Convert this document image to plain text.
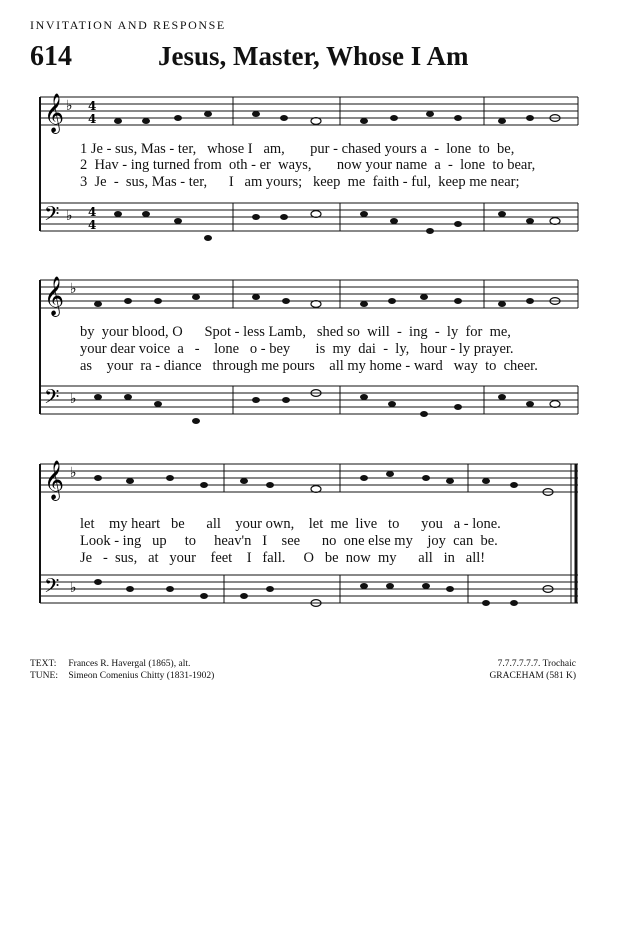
INVITATION AND RESPONSE
614	Jesus, Master, Whose I Am
𝄞 ♭ 4
4
𝄢 ♭ 4
4
1 Je - sus, Mas - ter,   whose I   am,       pur - chased yours a  -  lone  to  be,
2  Hav - ing turned from  oth - er  ways,       now your name  a  -  lone  to bear,
3  Je  -  sus, Mas - ter,      I   am yours;   keep  me  faith - ful,  keep me near;
𝄞 ♭
𝄢 ♭
by  your blood, O      Spot - less Lamb,   shed so  will  -  ing  -  ly  for  me,
your dear voice  a   -    lone   o - bey       is  my  dai  -  ly,   hour - ly prayer.
as    your  ra - diance   through me pours    all my home - ward   way  to  cheer.
𝄞 ♭
𝄢 ♭
let    my heart   be      all    your own,    let  me  live   to      you   a - lone.
Look - ing   up     to     heav'n   I    see      no  one else my    joy  can  be.
Je   -  sus,   at   your    feet    I   fall.     O   be  now  my      all   in   all!
TEXT: Frances R. Havergal (1865), alt.
TUNE: Simeon Comenius Chitty (1831-1902)
7.7.7.7.7.7. Trochaic
GRACEHAM (581 K)
